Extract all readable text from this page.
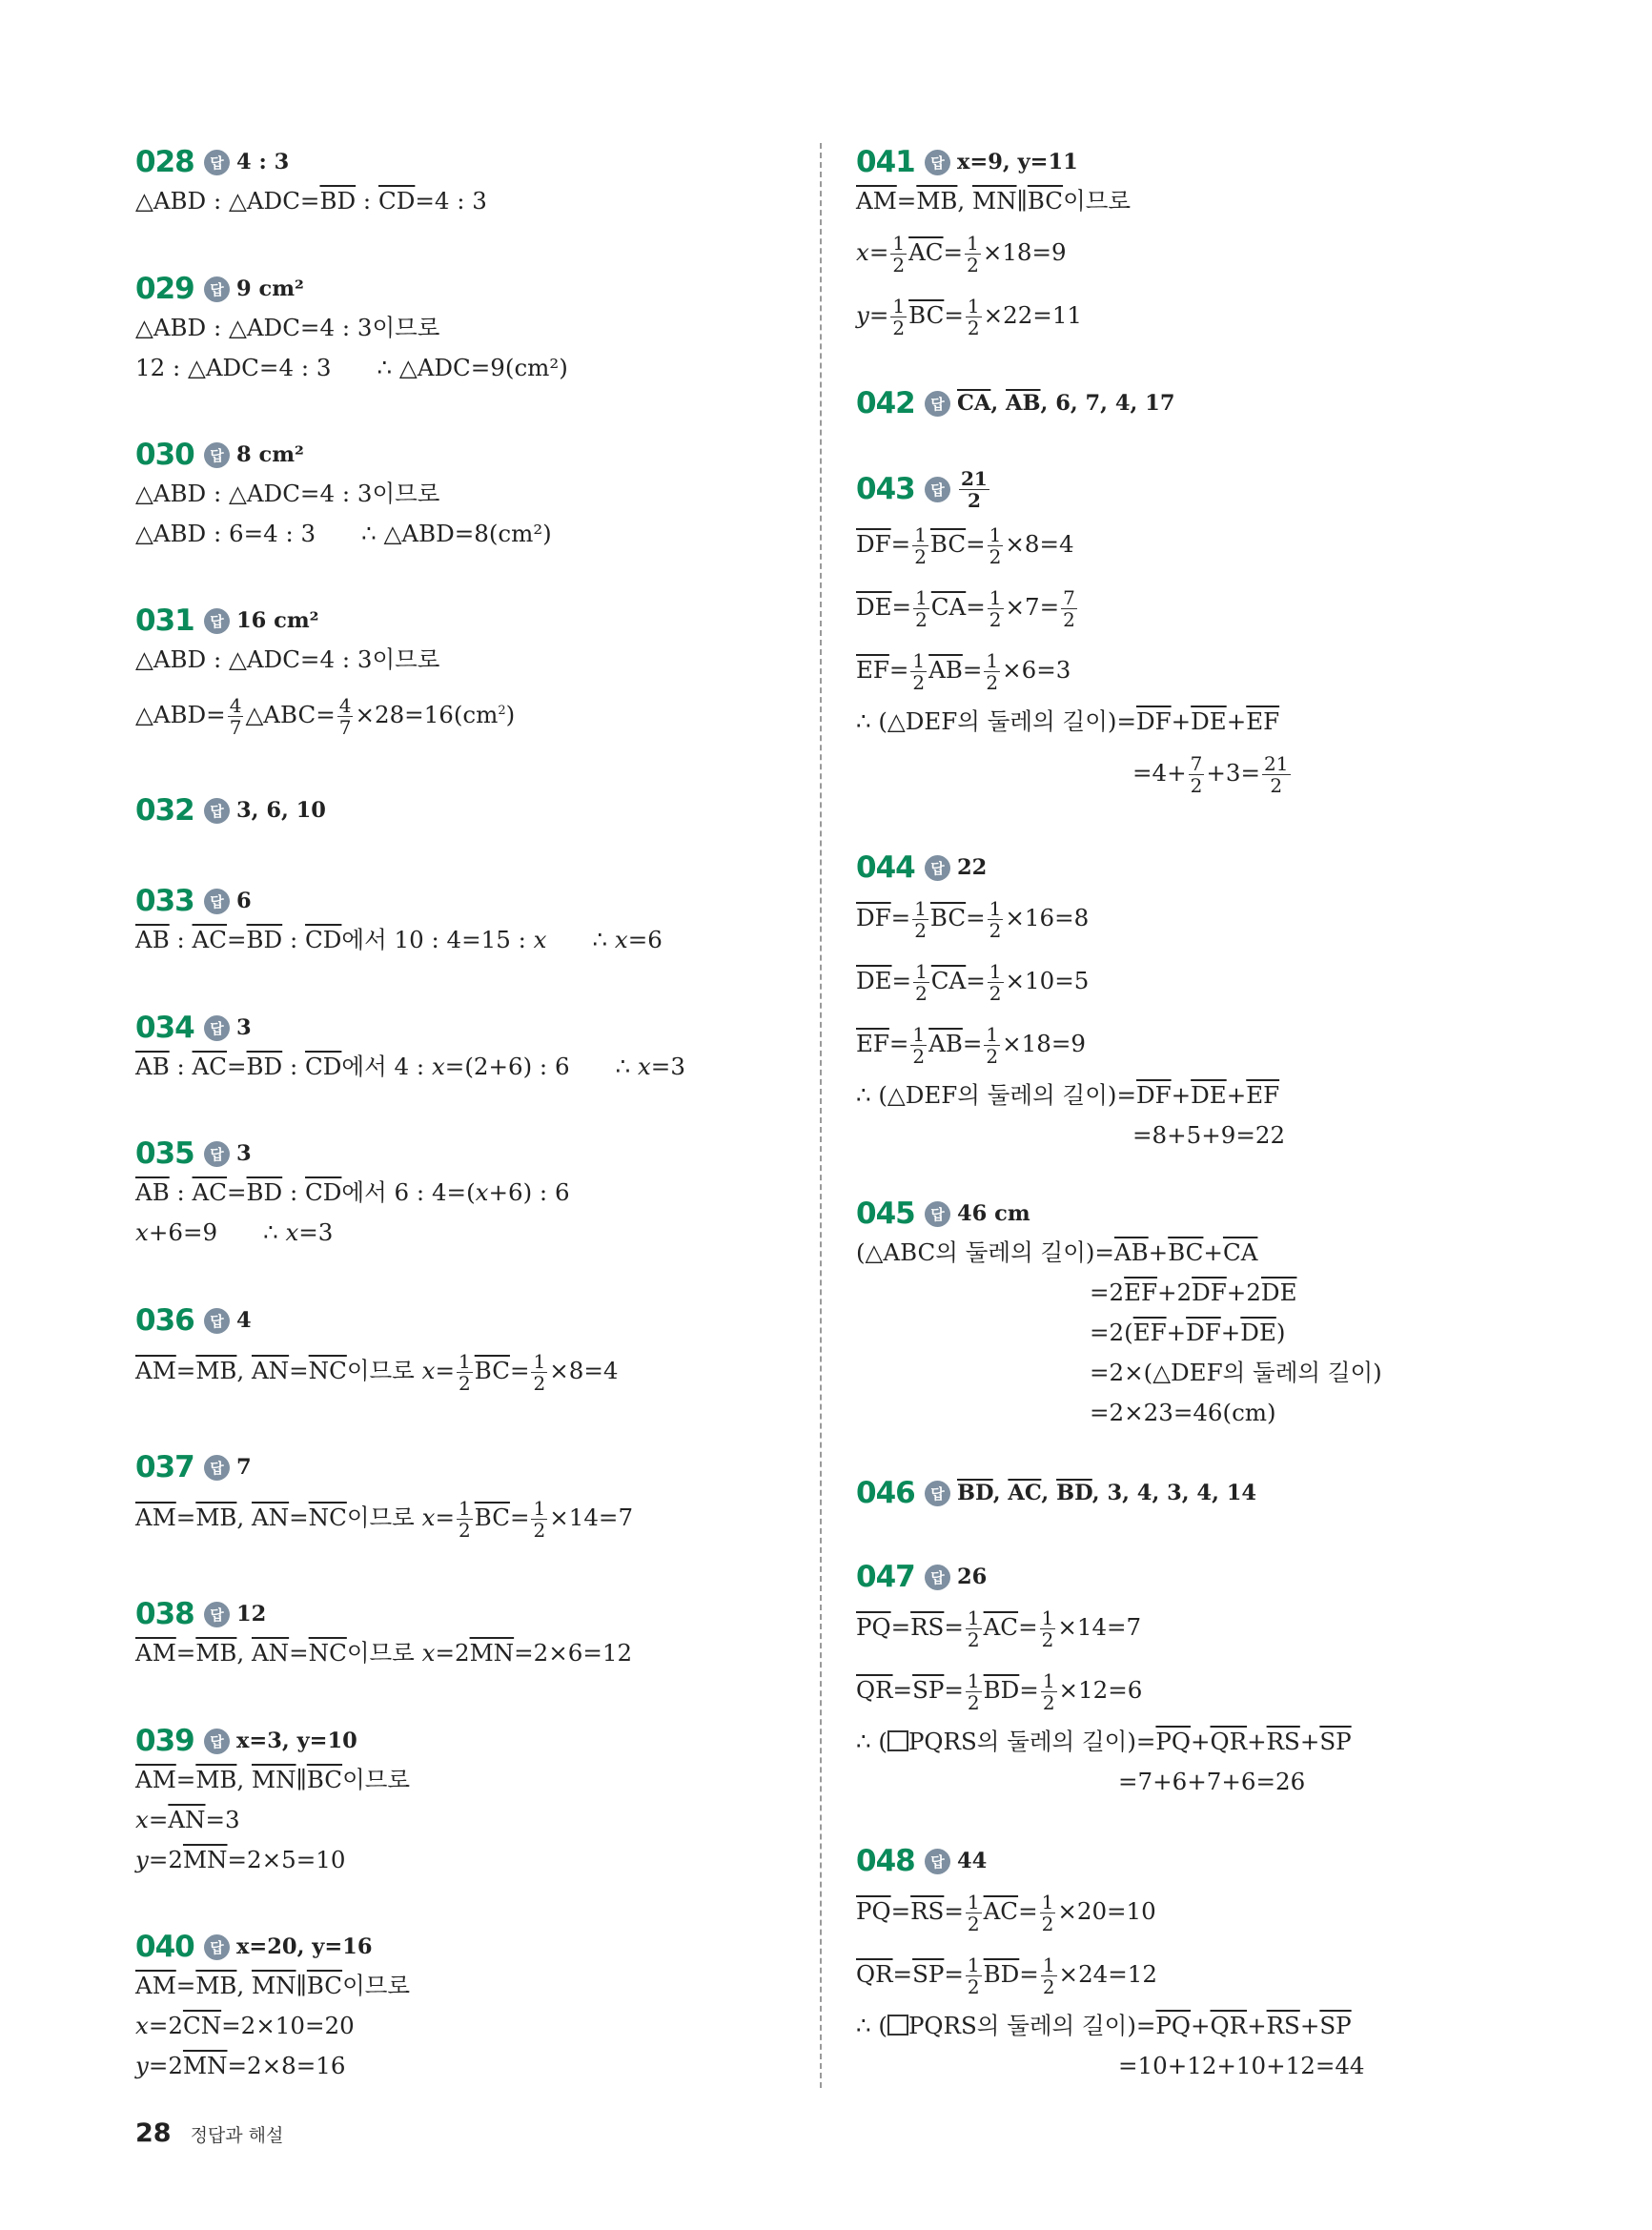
028	답 4 : 3
△ABD : $\triangle ADC=\overline{BD}$ : $\overline{CD}=4$ : 3
029	답 9 cm²
△ABD : △ADC=4 : 3이므로
12 : △ADC=4 : 3 ∴ △ADC=9(cm²)
030	답 8 cm²
△ABD : △ADC=4 : 3이므로
△ABD : 6=4 : 3 ∴ △ABD=8(cm²)
031	답 16 cm²
△ABD : △ADC=4 : 3이므로
△ABD= $\frac{4}{7}$ △ABC= $\frac{4}{7} \times 28=16(cm^2)$
032	답 3, 6, 10
033	답 6
$\overline{AB}$ : $\overline{AC}=\overline{BD}$ : $\overline{CD}$에서 10 : 4=15 : x ∴ x=6
034	답 3
$\overline{AB}$ : $\overline{AC}=\overline{BD}$ : $\overline{CD}$에서 4 : x=(2+6) : 6 ∴ x=3
035	답 3
$\overline{AB}$ : $\overline{AC}=\overline{BD}$ : $\overline{CD}$에서 6 : 4=(x+6) : 6
x+6=9 ∴ x=3
036	답 4
$\overline{AM}=\overline{MB}$, $\overline{AN}=\overline{NC}$이므로 $x= \frac{1}{2} \overline{BC}= \frac{1}{2} \times 8=4$
037	답 7
$\overline{AM}=\overline{MB}$, $\overline{AN}=\overline{NC}$이므로 $x= \frac{1}{2} \overline{BC}= \frac{1}{2} \times 14=7$
038	답 12
$\overline{AM}=\overline{MB}$, $\overline{AN}=\overline{NC}$이므로 $x=2\overline{MN}=2\times 6=12$
039	답 x=3, y=10
$\overline{AM}=\overline{MB}$, $\overline{MN}\parallel\overline{BC}$이므로
$x=\overline{AN}=3$
$y=2\overline{MN}=2\times 5=10$
040	답 x=20, y=16
$\overline{AM}=\overline{MB}$, $\overline{MN}\parallel\overline{BC}$이므로
$x=2\overline{CN}=2\times 10=20$
$y=2\overline{MN}=2\times 8=16$
041	답 x=9, y=11
$\overline{AM}=\overline{MB}$, $\overline{MN}\parallel\overline{BC}$이므로
$x= \frac{1}{2} \overline{AC}= \frac{1}{2} \times 18=9$
$y= \frac{1}{2} \overline{BC}= \frac{1}{2} \times 22=11$
042	답 $\overline{CA}$, $\overline{AB}$, 6, 7, 4, 17
043	답 $\frac{21}{2}$
$\overline{DF}= \frac{1}{2} \overline{BC}= \frac{1}{2} \times 8=4$
$\overline{DE}= \frac{1}{2} \overline{CA}= \frac{1}{2} \times 7= \frac{7}{2}$
$\overline{EF}= \frac{1}{2} \overline{AB}= \frac{1}{2} \times 6=3$
∴ (△DEF의 둘레의 길이)$=\overline{DF}+\overline{DE}+\overline{EF}$
$=4+ \frac{7}{2} +3= \frac{21}{2}$
044	답 22
$\overline{DF}= \frac{1}{2} \overline{BC}= \frac{1}{2} \times 16=8$
$\overline{DE}= \frac{1}{2} \overline{CA}= \frac{1}{2} \times 10=5$
$\overline{EF}= \frac{1}{2} \overline{AB}= \frac{1}{2} \times 18=9$
∴ (△DEF의 둘레의 길이)$=\overline{DF}+\overline{DE}+\overline{EF}$
=8+5+9=22
045	답 46 cm
(△ABC의 둘레의 길이)$=\overline{AB}+\overline{BC}+\overline{CA}$
$=2\overline{EF}+2\overline{DF}+2\overline{DE}$
$=2(\overline{EF}+\overline{DF}+\overline{DE})$
=2×(△DEF의 둘레의 길이)
=2×23=46(cm)
046	답 $\overline{BD}$, $\overline{AC}$, $\overline{BD}$, 3, 4, 3, 4, 14
047	답 26
$\overline{PQ}=\overline{RS}= \frac{1}{2} \overline{AC}= \frac{1}{2} \times 14=7$
$\overline{QR}=\overline{SP}= \frac{1}{2} \overline{BD}= \frac{1}{2} \times 12=6$
∴ ( PQRS의 둘레의 길이)$=\overline{PQ}+\overline{QR}+\overline{RS}+\overline{SP}$
=7+6+7+6=26
048	답 44
$\overline{PQ}=\overline{RS}= \frac{1}{2} \overline{AC}= \frac{1}{2} \times 20=10$
$\overline{QR}=\overline{SP}= \frac{1}{2} \overline{BD}= \frac{1}{2} \times 24=12$
∴ ( PQRS의 둘레의 길이)$=\overline{PQ}+\overline{QR}+\overline{RS}+\overline{SP}$
=10+12+10+12=44
28 정답과 해설
